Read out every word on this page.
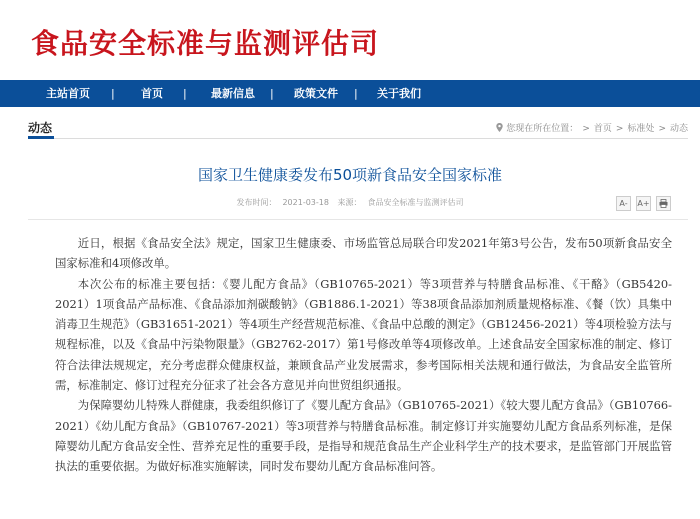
食品安全标准与监测评估司
主站首页 | 首页 | 最新信息 | 政策文件 | 关于我们
动态	您现在所在位置： > 首页 > 标准处 > 动态
国家卫生健康委发布50项新食品安全国家标准
发布时间： 2021-03-18 来源： 食品安全标准与监测评估司	A-	A+

近日，根据《食品安全法》规定，国家卫生健康委、市场监管总局联合印发2021年第3号公告，发布50项新食品安全国家标准和4项修改单。

本次公布的标准主要包括：《婴儿配方食品》（GB10765-2021）等3项营养与特膳食品标准、《干酪》（GB5420-2021）1项食品产品标准、《食品添加剂碳酸钠》（GB1886.1-2021）等38项食品添加剂质量规格标准、《餐（饮）具集中消毒卫生规范》（GB31651-2021）等4项生产经营规范标准、《食品中总酸的测定》（GB12456-2021）等4项检验方法与规程标准，以及《食品中污染物限量》（GB2762-2017）第1号修改单等4项修改单。上述食品安全国家标准的制定、修订符合法律法规规定，充分考虑群众健康权益，兼顾食品产业发展需求，参考国际相关法规和通行做法，为食品安全监管所需，标准制定、修订过程充分征求了社会各方意见并向世贸组织通报。

为保障婴幼儿特殊人群健康，我委组织修订了《婴儿配方食品》（GB10765-2021）《较大婴儿配方食品》（GB10766-2021）《幼儿配方食品》（GB10767-2021）等3项营养与特膳食品标准。制定修订并实施婴幼儿配方食品系列标准，是保障婴幼儿配方食品安全性、营养充足性的重要手段，是指导和规范食品生产企业科学生产的技术要求，是监管部门开展监管执法的重要依据。为做好标准实施解读，同时发布婴幼儿配方食品标准问答。
